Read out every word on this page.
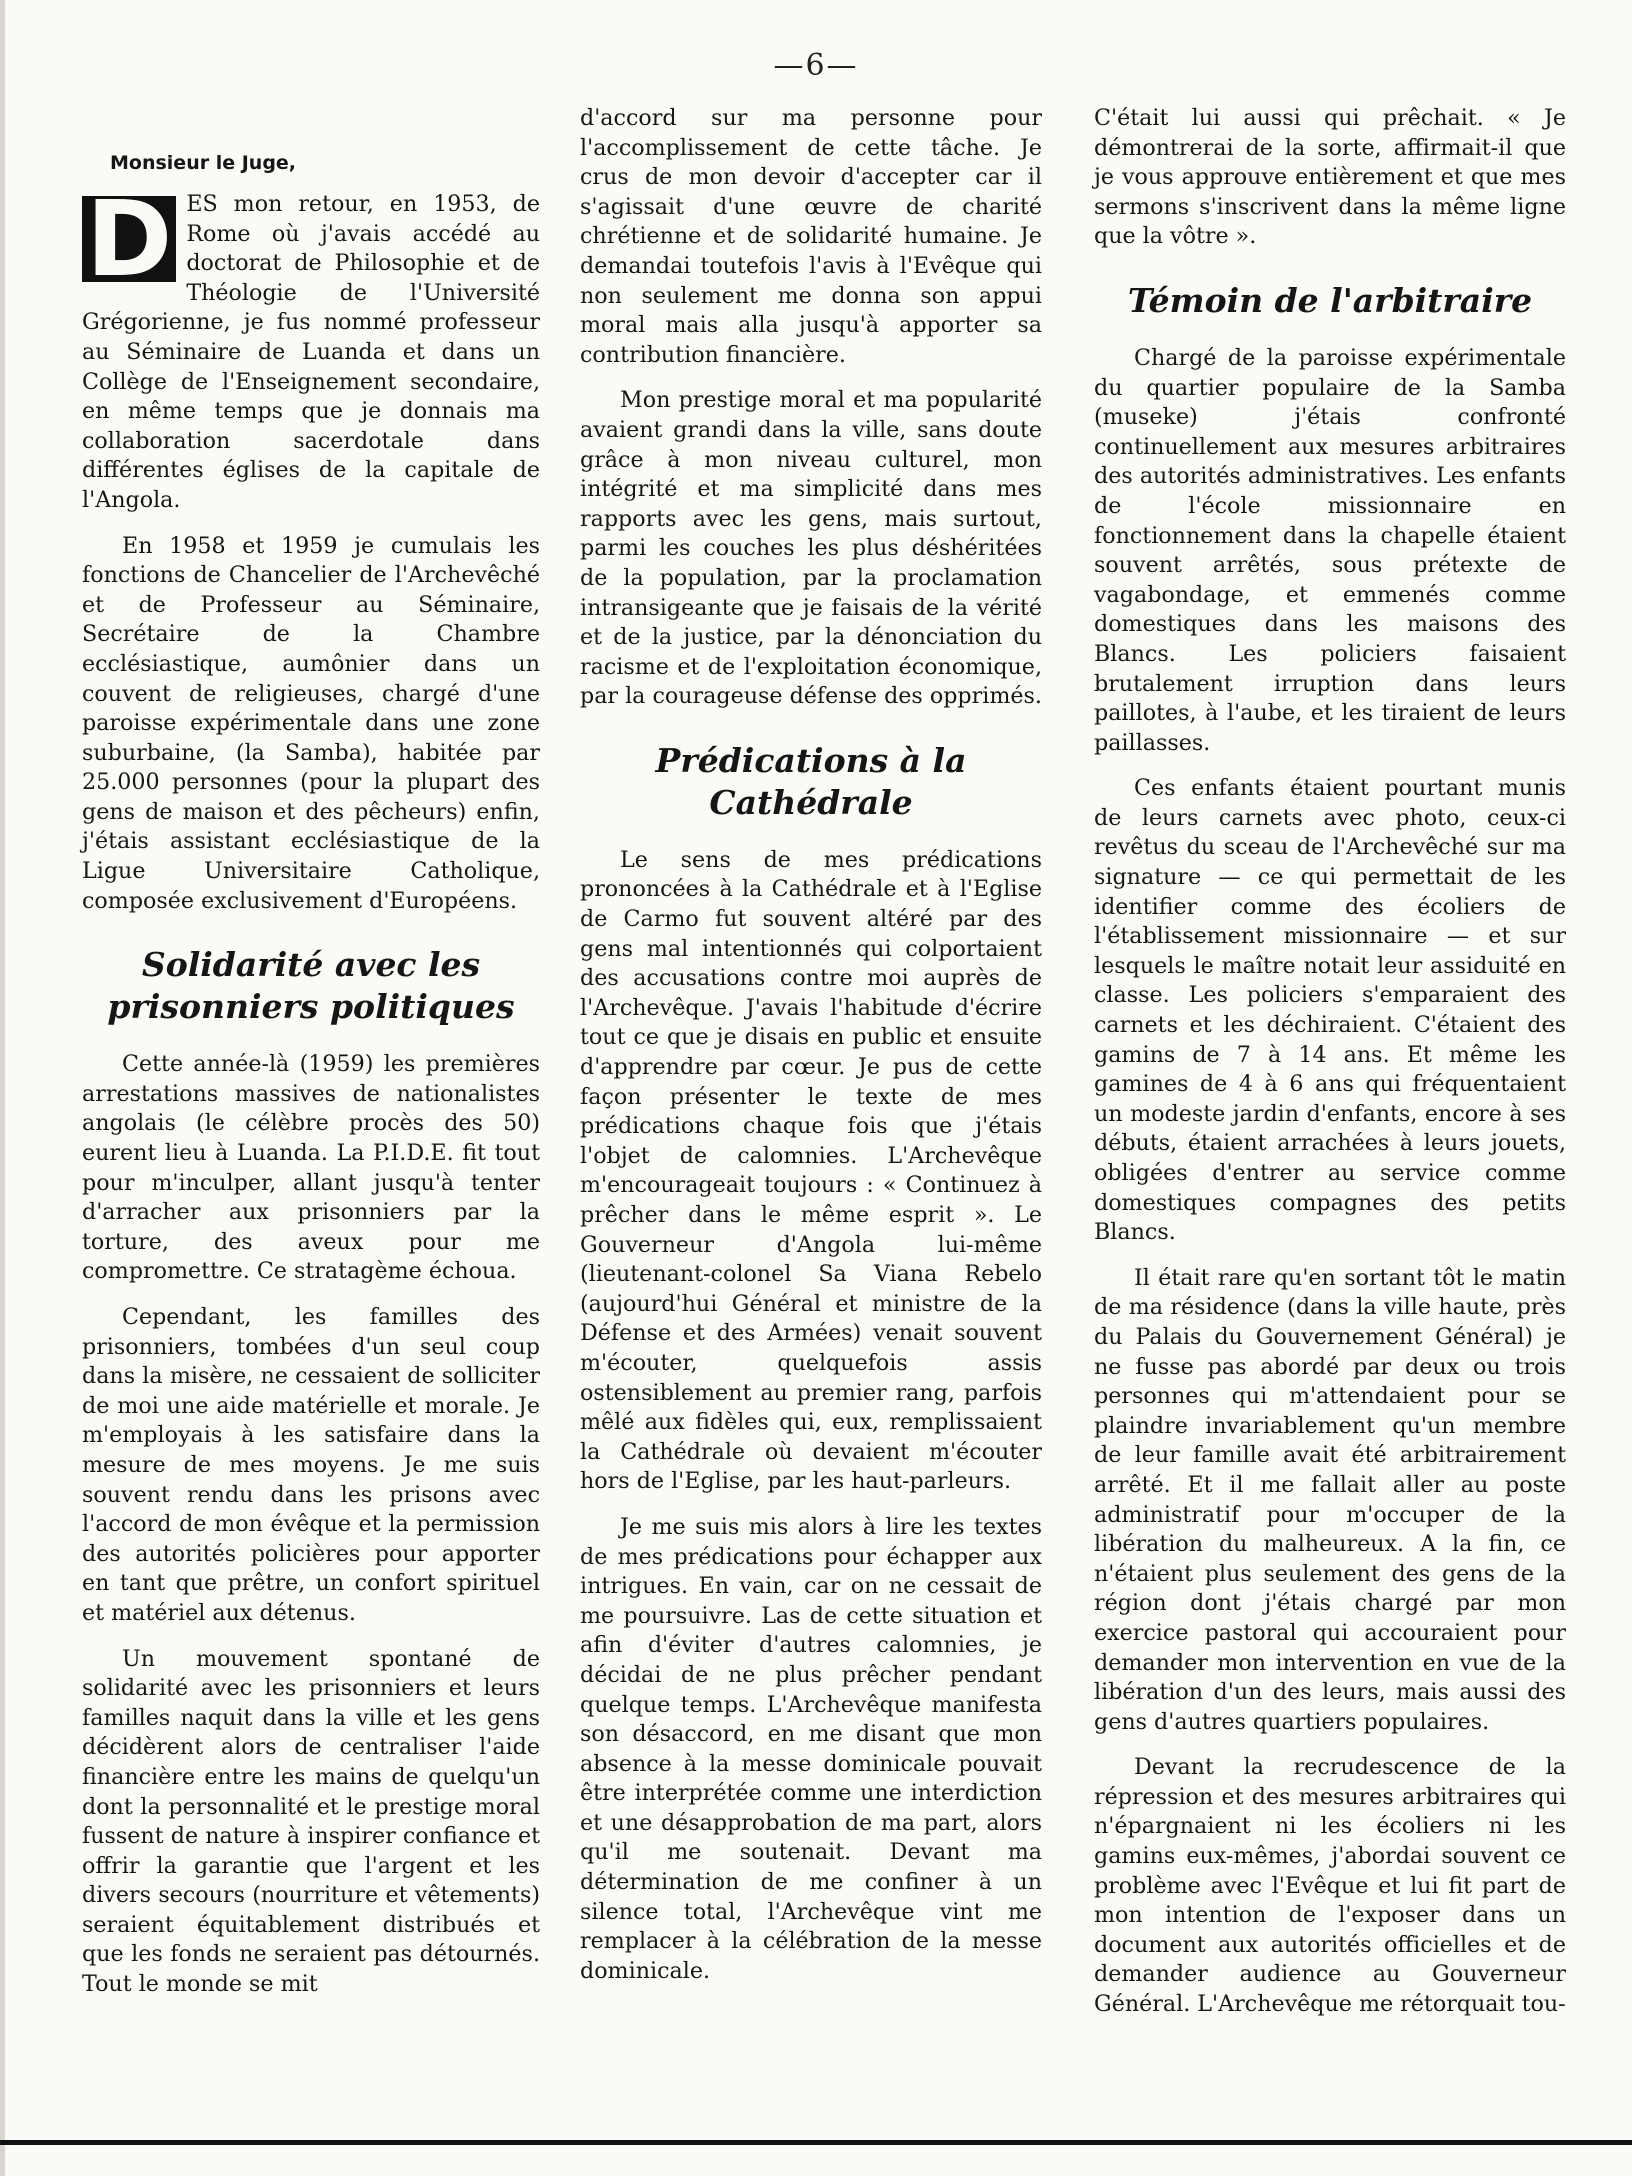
—6—
Monsieur le Juge,

D ES mon retour, en 1953, de Rome où j'avais accédé au doctorat de Philosophie et de Théologie de l'Université Grégorienne, je fus nommé professeur au Séminaire de Luanda et dans un Collège de l'Enseignement secondaire, en même temps que je donnais ma collaboration sacerdotale dans différentes églises de la capitale de l'Angola.

En 1958 et 1959 je cumulais les fonctions de Chancelier de l'Archevêché et de Professeur au Séminaire, Secrétaire de la Chambre ecclésiastique, aumônier dans un couvent de religieuses, chargé d'une paroisse expérimentale dans une zone suburbaine, (la Samba), habitée par 25.000 personnes (pour la plupart des gens de maison et des pêcheurs) enfin, j'étais assistant ecclésiastique de la Ligue Universitaire Catholique, composée exclusivement d'Européens.

Solidarité avec les prisonniers politiques

Cette année-là (1959) les premières arrestations massives de nationalistes angolais (le célèbre procès des 50) eurent lieu à Luanda. La P.I.D.E. fit tout pour m'inculper, allant jusqu'à tenter d'arracher aux prisonniers par la torture, des aveux pour me compromettre. Ce stratagème échoua.

Cependant, les familles des prisonniers, tombées d'un seul coup dans la misère, ne cessaient de solliciter de moi une aide matérielle et morale. Je m'employais à les satisfaire dans la mesure de mes moyens. Je me suis souvent rendu dans les prisons avec l'accord de mon évêque et la permission des autorités policières pour apporter en tant que prêtre, un confort spirituel et matériel aux détenus.

Un mouvement spontané de solidarité avec les prisonniers et leurs familles naquit dans la ville et les gens décidèrent alors de centraliser l'aide financière entre les mains de quelqu'un dont la personnalité et le prestige moral fussent de nature à inspirer confiance et offrir la garantie que l'argent et les divers secours (nourriture et vêtements) seraient équitablement distribués et que les fonds ne seraient pas détournés. Tout le monde se mit

d'accord sur ma personne pour l'accomplissement de cette tâche. Je crus de mon devoir d'accepter car il s'agissait d'une œuvre de charité chrétienne et de solidarité humaine. Je demandai toutefois l'avis à l'Evêque qui non seulement me donna son appui moral mais alla jusqu'à apporter sa contribution financière.

Mon prestige moral et ma popularité avaient grandi dans la ville, sans doute grâce à mon niveau culturel, mon intégrité et ma simplicité dans mes rapports avec les gens, mais surtout, parmi les couches les plus déshéritées de la population, par la proclamation intransigeante que je faisais de la vérité et de la justice, par la dénonciation du racisme et de l'exploitation économique, par la courageuse défense des opprimés.

Prédications à la Cathédrale

Le sens de mes prédications prononcées à la Cathédrale et à l'Eglise de Carmo fut souvent altéré par des gens mal intentionnés qui colportaient des accusations contre moi auprès de l'Archevêque. J'avais l'habitude d'écrire tout ce que je disais en public et ensuite d'apprendre par cœur. Je pus de cette façon présenter le texte de mes prédications chaque fois que j'étais l'objet de calomnies. L'Archevêque m'encourageait toujours : « Continuez à prêcher dans le même esprit ». Le Gouverneur d'Angola lui-même (lieutenant-colonel Sa Viana Rebelo (aujourd'hui Général et ministre de la Défense et des Armées) venait souvent m'écouter, quelquefois assis ostensiblement au premier rang, parfois mêlé aux fidèles qui, eux, remplissaient la Cathédrale où devaient m'écouter hors de l'Eglise, par les haut-parleurs.

Je me suis mis alors à lire les textes de mes prédications pour échapper aux intrigues. En vain, car on ne cessait de me poursuivre. Las de cette situation et afin d'éviter d'autres calomnies, je décidai de ne plus prêcher pendant quelque temps. L'Archevêque manifesta son désaccord, en me disant que mon absence à la messe dominicale pouvait être interprétée comme une interdiction et une désapprobation de ma part, alors qu'il me soutenait. Devant ma détermination de me confiner à un silence total, l'Archevêque vint me remplacer à la célébration de la messe dominicale.

C'était lui aussi qui prêchait. « Je démontrerai de la sorte, affirmait-il que je vous approuve entièrement et que mes sermons s'inscrivent dans la même ligne que la vôtre ».

Témoin de l'arbitraire

Chargé de la paroisse expérimentale du quartier populaire de la Samba (museke) j'étais confronté continuellement aux mesures arbitraires des autorités administratives. Les enfants de l'école missionnaire en fonctionnement dans la chapelle étaient souvent arrêtés, sous prétexte de vagabondage, et emmenés comme domestiques dans les maisons des Blancs. Les policiers faisaient brutalement irruption dans leurs paillotes, à l'aube, et les tiraient de leurs paillasses.

Ces enfants étaient pourtant munis de leurs carnets avec photo, ceux-ci revêtus du sceau de l'Archevêché sur ma signature — ce qui permettait de les identifier comme des écoliers de l'établissement missionnaire — et sur lesquels le maître notait leur assiduité en classe. Les policiers s'emparaient des carnets et les déchiraient. C'étaient des gamins de 7 à 14 ans. Et même les gamines de 4 à 6 ans qui fréquentaient un modeste jardin d'enfants, encore à ses débuts, étaient arrachées à leurs jouets, obligées d'entrer au service comme domestiques compagnes des petits Blancs.

Il était rare qu'en sortant tôt le matin de ma résidence (dans la ville haute, près du Palais du Gouvernement Général) je ne fusse pas abordé par deux ou trois personnes qui m'attendaient pour se plaindre invariablement qu'un membre de leur famille avait été arbitrairement arrêté. Et il me fallait aller au poste administratif pour m'occuper de la libération du malheureux. A la fin, ce n'étaient plus seulement des gens de la région dont j'étais chargé par mon exercice pastoral qui accouraient pour demander mon intervention en vue de la libération d'un des leurs, mais aussi des gens d'autres quartiers populaires.

Devant la recrudescence de la répression et des mesures arbitraires qui n'épargnaient ni les écoliers ni les gamins eux-mêmes, j'abordai souvent ce problème avec l'Evêque et lui fit part de mon intention de l'exposer dans un document aux autorités officielles et de demander audience au Gouverneur Général. L'Archevêque me rétorquait tou-
